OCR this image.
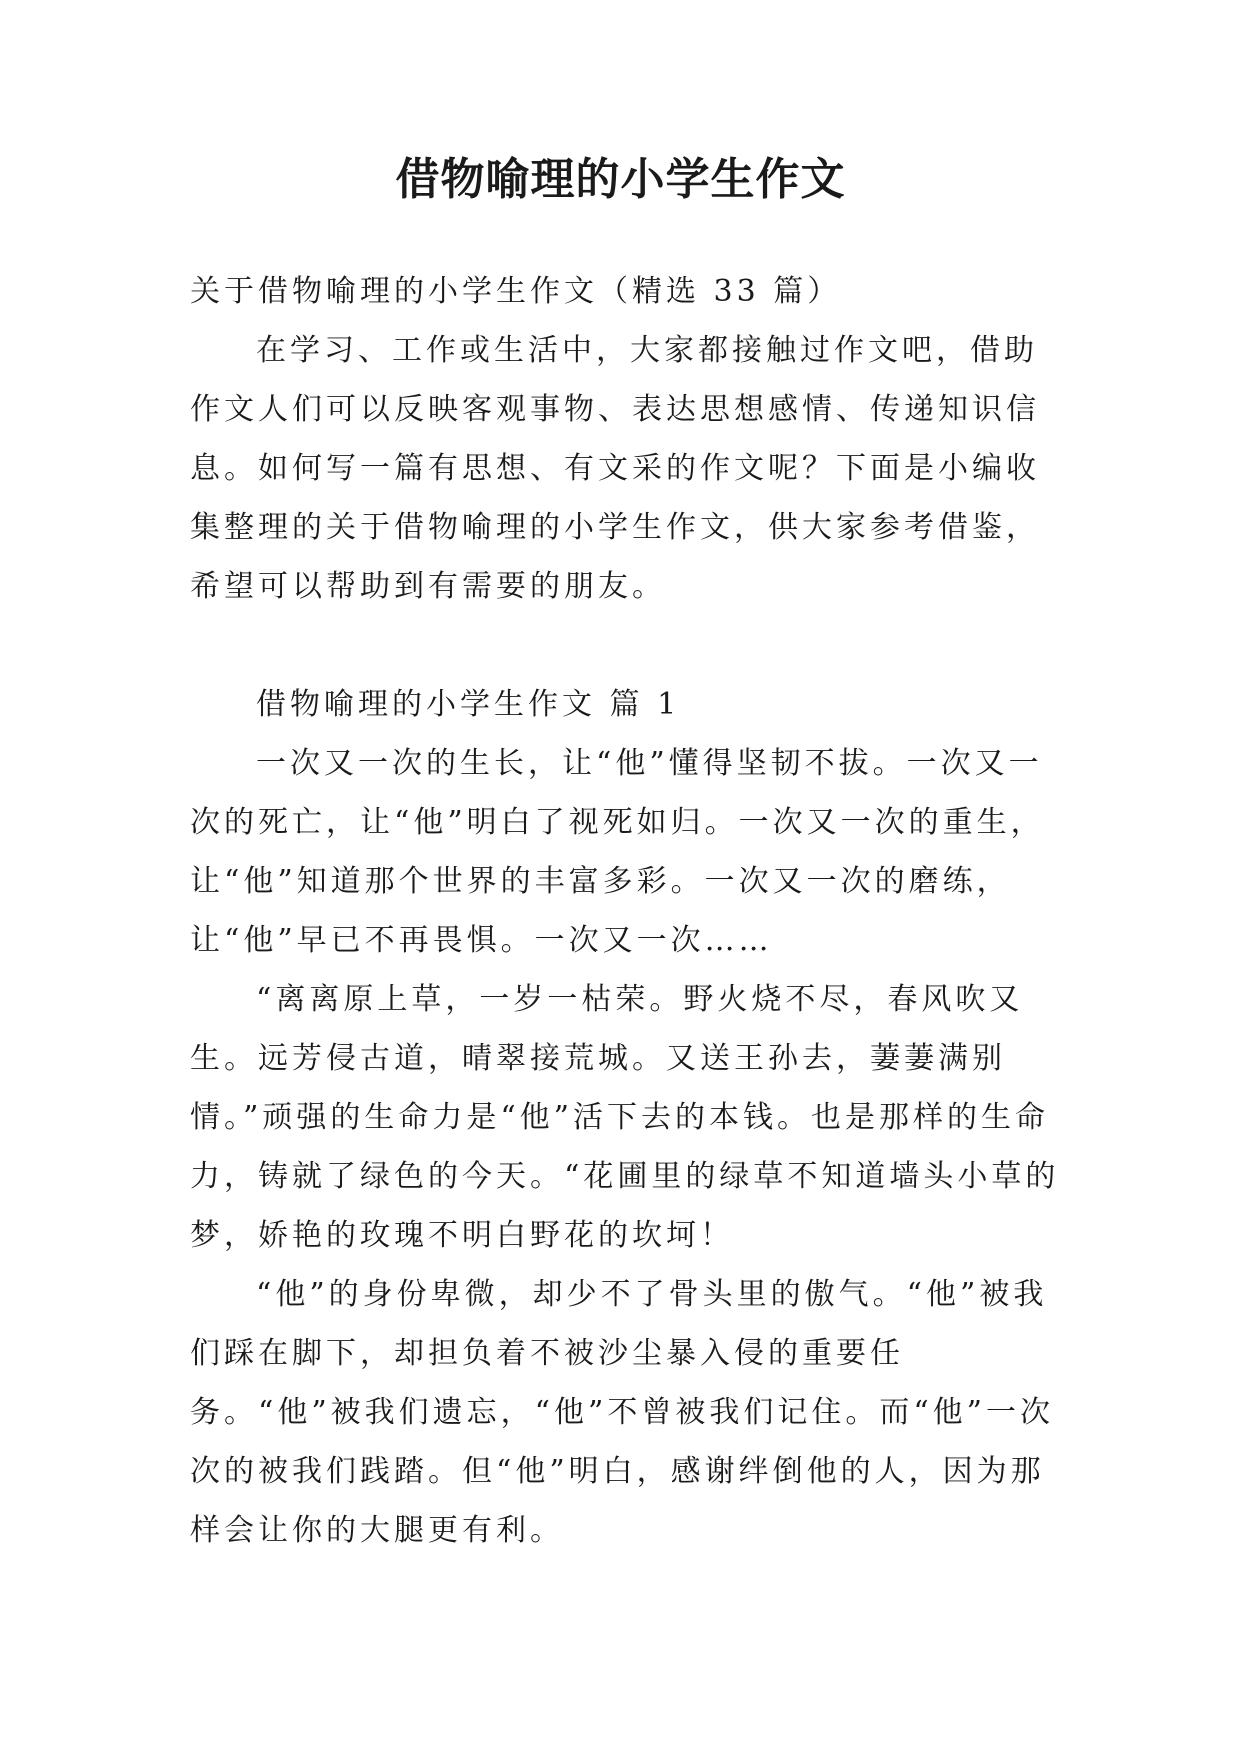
借物喻理的小学生作文

关于借物喻理的小学生作文（精选 33 篇）

在学习、工作或生活中，大家都接触过作文吧，借助作文人们可以反映客观事物、表达思想感情、传递知识信息。如何写一篇有思想、有文采的作文呢？下面是小编收集整理的关于借物喻理的小学生作文，供大家参考借鉴，希望可以帮助到有需要的朋友。

借物喻理的小学生作文 篇 1

一次又一次的生长，让“他”懂得坚韧不拔。一次又一次的死亡，让“他”明白了视死如归。一次又一次的重生，让“他”知道那个世界的丰富多彩。一次又一次的磨练，让“他”早已不再畏惧。一次又一次……

“离离原上草，一岁一枯荣。野火烧不尽，春风吹又生。远芳侵古道，晴翠接荒城。又送王孙去，萋萋满别情。”顽强的生命力是“他”活下去的本钱。也是那样的生命力，铸就了绿色的今天。“花圃里的绿草不知道墙头小草的梦，娇艳的玫瑰不明白野花的坎坷！

“他”的身份卑微，却少不了骨头里的傲气。“他”被我们踩在脚下，却担负着不被沙尘暴入侵的重要任务。“他”被我们遗忘，“他”不曾被我们记住。而“他”一次次的被我们践踏。但“他”明白，感谢绊倒他的人，因为那样会让你的大腿更有利。
